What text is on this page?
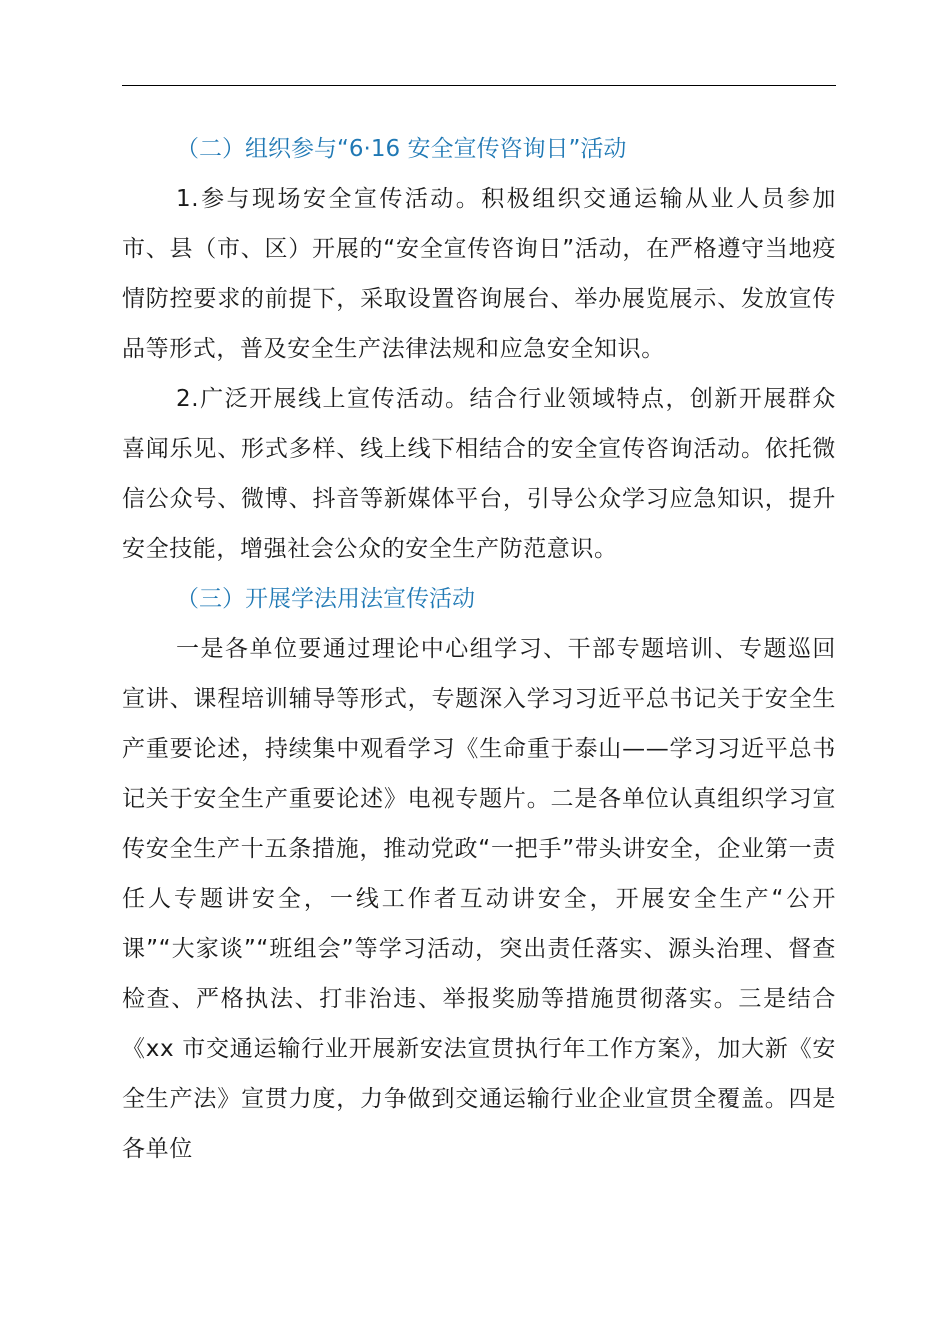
（二）组织参与“6·16 安全宣传咨询日”活动

1.参与现场安全宣传活动。积极组织交通运输从业人员参加市、县（市、区）开展的“安全宣传咨询日”活动，在严格遵守当地疫情防控要求的前提下，采取设置咨询展台、举办展览展示、发放宣传品等形式，普及安全生产法律法规和应急安全知识。

2.广泛开展线上宣传活动。结合行业领域特点，创新开展群众喜闻乐见、形式多样、线上线下相结合的安全宣传咨询活动。依托微信公众号、微博、抖音等新媒体平台，引导公众学习应急知识，提升安全技能，增强社会公众的安全生产防范意识。

（三）开展学法用法宣传活动

一是各单位要通过理论中心组学习、干部专题培训、专题巡回宣讲、课程培训辅导等形式，专题深入学习习近平总书记关于安全生产重要论述，持续集中观看学习《生命重于泰山——学习习近平总书记关于安全生产重要论述》电视专题片。二是各单位认真组织学习宣传安全生产十五条措施，推动党政“一把手”带头讲安全，企业第一责任人专题讲安全，一线工作者互动讲安全，开展安全生产“公开课”“大家谈”“班组会”等学习活动，突出责任落实、源头治理、督查检查、严格执法、打非治违、举报奖励等措施贯彻落实。三是结合《xx 市交通运输行业开展新安法宣贯执行年工作方案》，加大新《安全生产法》宣贯力度，力争做到交通运输行业企业宣贯全覆盖。四是各单位
